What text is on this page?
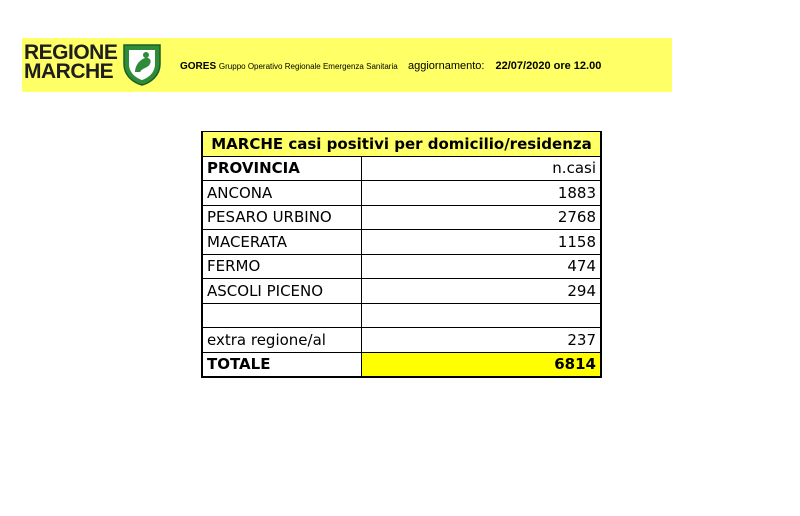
REGIONE
MARCHE	GORES Gruppo Operativo Regionale Emergenza Sanitaria aggiornamento: 22/07/2020 ore 12.00
MARCHE casi positivi per domicilio/residenza	
PROVINCIA	n.casi
ANCONA	1883
PESARO URBINO	2768
MACERATA	1158
FERMO	474
ASCOLI PICENO	294

extra regione/al	237
TOTALE	6814
